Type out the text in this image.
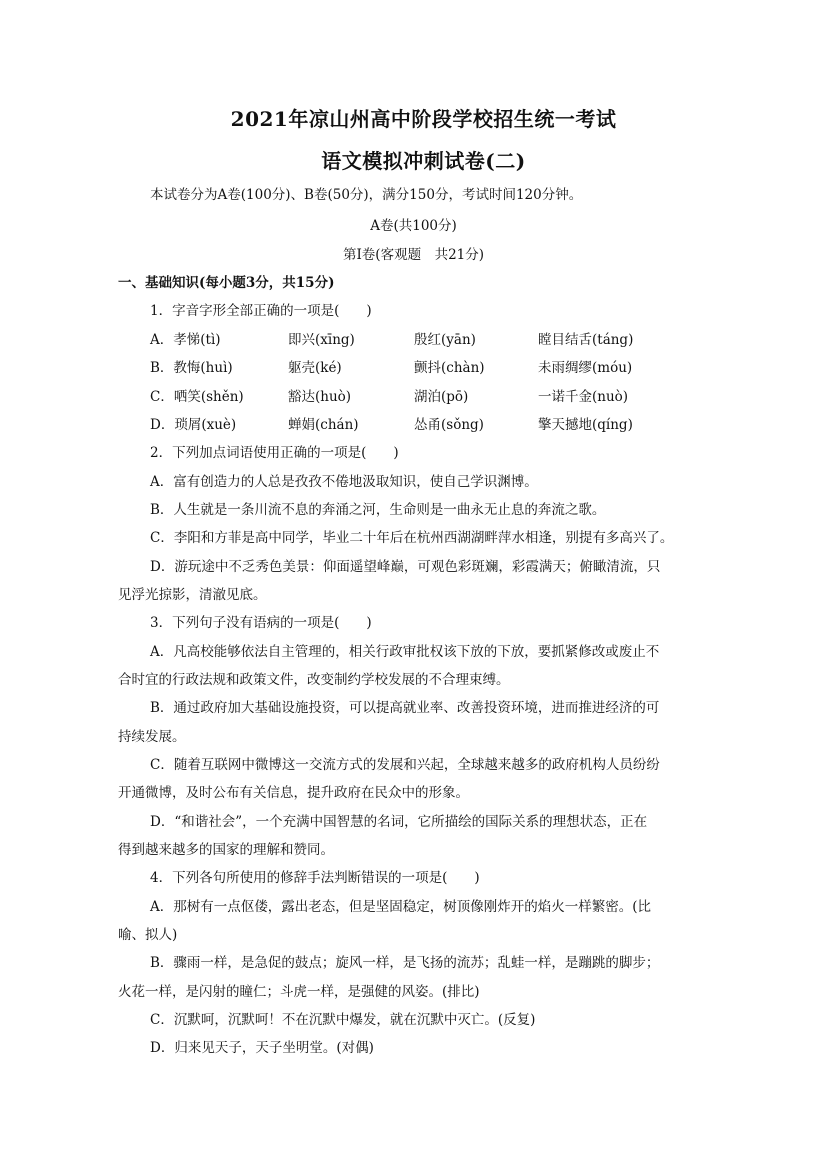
2021年凉山州高中阶段学校招生统一考试
语文模拟冲刺试卷(二)
本试卷分为A卷(100分)、B卷(50分)，满分150分，考试时间120分钟。
A卷(共100分)
第Ⅰ卷(客观题　共21分)
一、基础知识(每小题3分，共15分)
1．字音字形全部正确的一项是(　　)
A．孝悌(tì)	即兴(xīng)	殷红(yān)	瞠目结舌(táng)
B．教悔(huì)	躯壳(ké)	颤抖(chàn)	未雨绸缪(móu)
C．哂笑(shěn)	豁达(huò)	湖泊(pō)	一诺千金(nuò)
D．琐屑(xuè)	蝉娟(chán)	怂甬(sǒng)	擎天撼地(qíng)
2．下列加点词语使用正确的一项是(　　)
A．富有创造力的人总是孜孜不倦地汲取知识，使自己学识渊博。
B．人生就是一条川流不息的奔涌之河，生命则是一曲永无止息的奔流之歌。
C．李阳和方菲是高中同学，毕业二十年后在杭州西湖湖畔萍水相逢，别提有多高兴了。
D．游玩途中不乏秀色美景：仰面遥望峰巅，可观色彩斑斓，彩霞满天；俯瞰清流，只
见浮光掠影，清澈见底。
3．下列句子没有语病的一项是(　　)
A．凡高校能够依法自主管理的，相关行政审批权该下放的下放，要抓紧修改或废止不
合时宜的行政法规和政策文件，改变制约学校发展的不合理束缚。
B．通过政府加大基础设施投资，可以提高就业率、改善投资环境，进而推进经济的可
持续发展。
C．随着互联网中微博这一交流方式的发展和兴起，全球越来越多的政府机构人员纷纷
开通微博，及时公布有关信息，提升政府在民众中的形象。
D．“和谐社会”，一个充满中国智慧的名词，它所描绘的国际关系的理想状态，正在
得到越来越多的国家的理解和赞同。
4．下列各句所使用的修辞手法判断错误的一项是(　　)
A．那树有一点伛偻，露出老态，但是坚固稳定，树顶像刚炸开的焰火一样繁密。(比
喻、拟人)
B．骤雨一样，是急促的鼓点；旋风一样，是飞扬的流苏；乱蛙一样，是蹦跳的脚步；
火花一样，是闪射的瞳仁；斗虎一样，是强健的风姿。(排比)
C．沉默呵，沉默呵！不在沉默中爆发，就在沉默中灭亡。(反复)
D．归来见天子，天子坐明堂。(对偶)
